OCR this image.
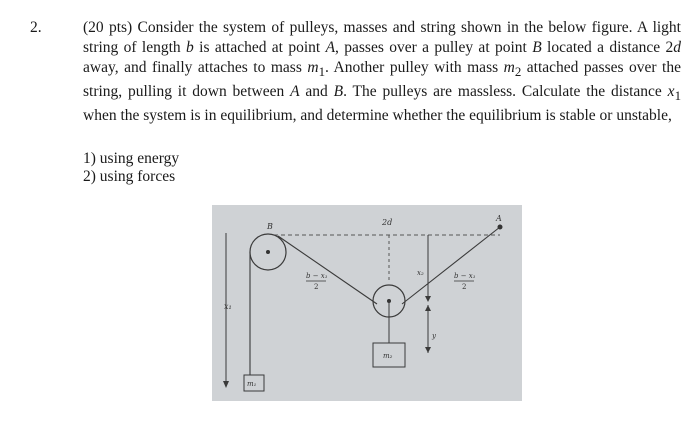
2.	(20 pts) Consider the system of pulleys, masses and string shown in the below figure. A light string of length b is attached at point A, passes over a pulley at point B located a distance 2d away, and finally attaches to mass $m_1$. Another pulley with mass $m_2$ attached passes over the string, pulling it down between A and B. The pulleys are massless. Calculate the distance $x_1$ when the system is in equilibrium, and determine whether the equilibrium is stable or unstable,
1) using energy
2) using forces
x₁
2d
B
A
m₁
m₂
x₂
y
b − x₁
2
b − x₁
2
